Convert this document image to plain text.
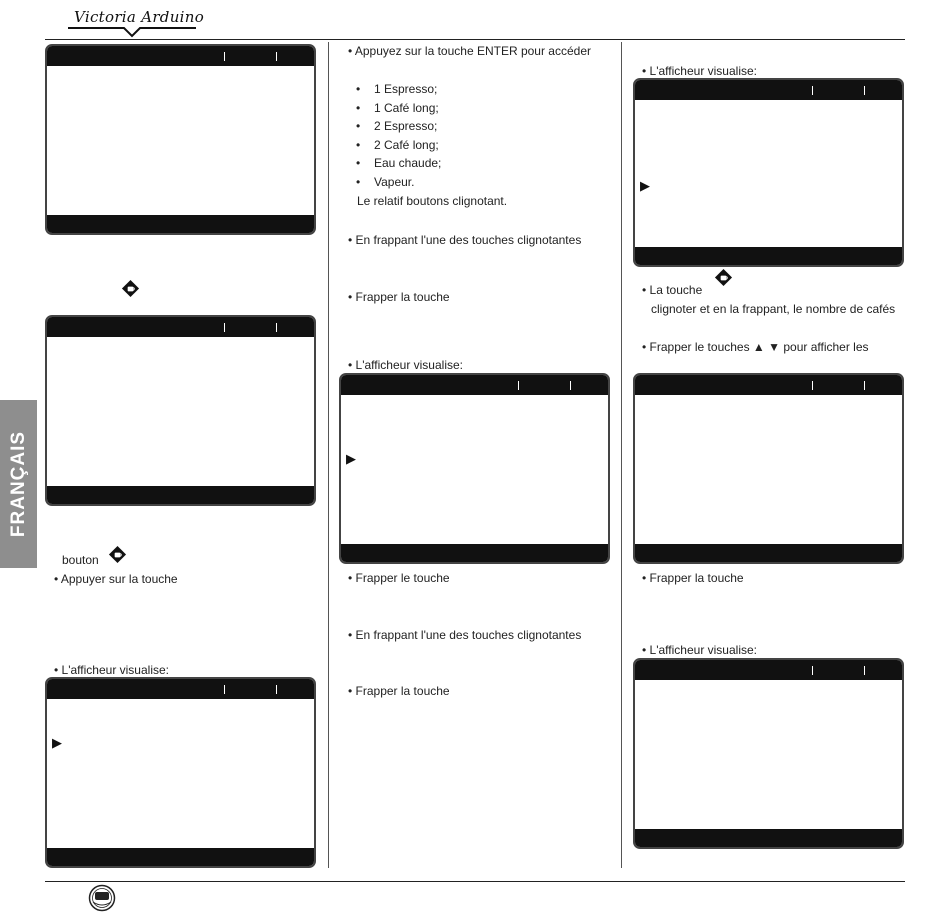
Victoria Arduino
FRANÇAIS
bouton
• Appuyer sur la touche
• L'afficheur visualise:
▶
• Appuyez sur la touche ENTER pour accéder
• 1 Espresso;
• 1 Café long;
• 2 Espresso;
• 2 Café long;
• Eau chaude;
• Vapeur.
Le relatif boutons clignotant.
• En frappant l'une des touches clignotantes
• Frapper la touche
• L'afficheur visualise:
▶
• Frapper le touche
• En frappant l'une des touches clignotantes
• Frapper la touche
• L'afficheur visualise:
▶
• La touche
clignoter et en la frappant, le nombre de cafés
• Frapper le touches ▲ ▼ pour afficher les
• Frapper la touche
• L'afficheur visualise:
